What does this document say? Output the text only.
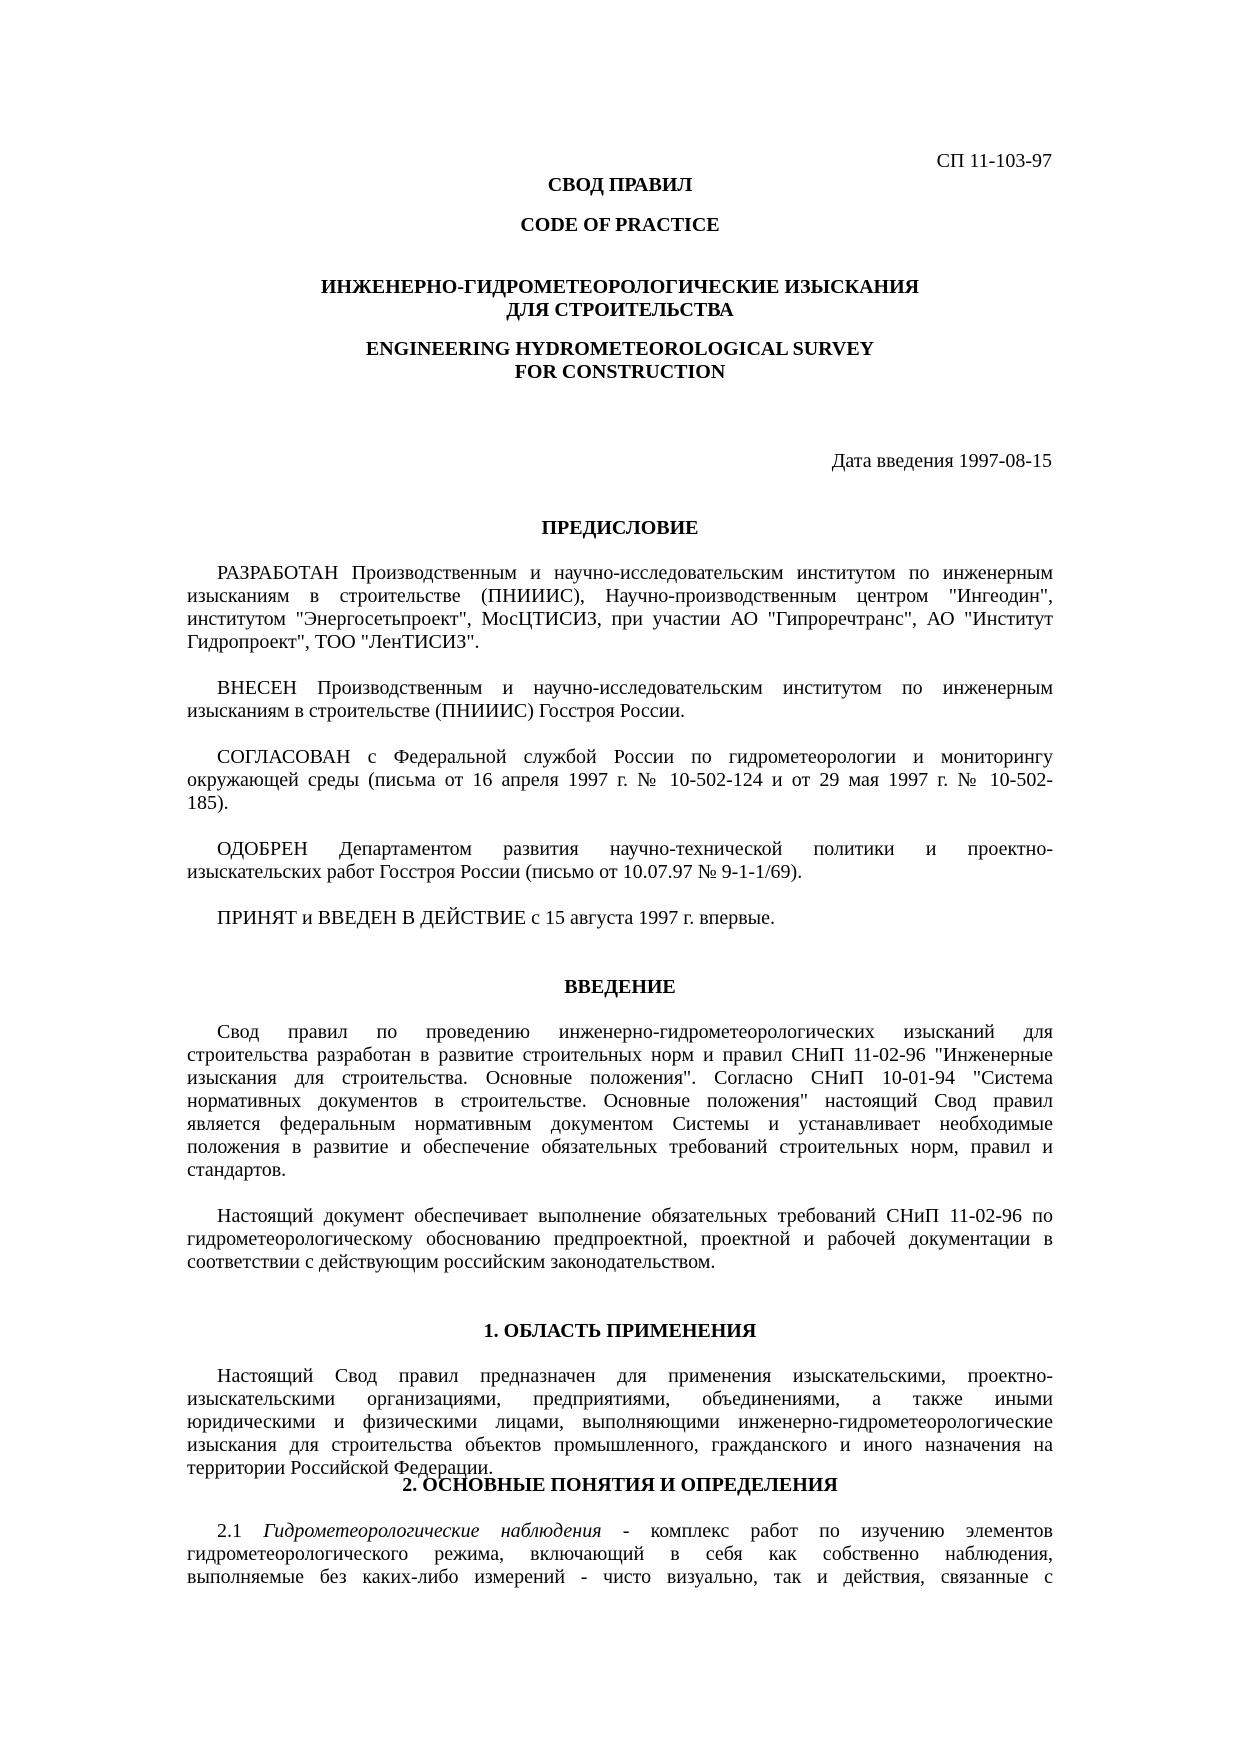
СП 11-103-97

СВОД ПРАВИЛ
CODE OF PRACTICE
ИНЖЕНЕРНО-ГИДРОМЕТЕОРОЛОГИЧЕСКИЕ ИЗЫСКАНИЯ
ДЛЯ СТРОИТЕЛЬСТВА
ENGINEERING HYDROMETEOROLOGICAL SURVEY
FOR CONSTRUCTION

Дата введения 1997-08-15

ПРЕДИСЛОВИЕ
РАЗРАБОТАН Производственным и научно-исследовательским институтом по инженерным
изысканиям в строительстве (ПНИИИС), Научно-производственным центром "Ингеодин",
институтом "Энергосетьпроект", МосЦТИСИЗ, при участии АО "Гипроречтранс", АО "Институт
Гидропроект", ТОО "ЛенТИСИЗ".
ВНЕСЕН Производственным и научно-исследовательским институтом по инженерным
изысканиям в строительстве (ПНИИИС) Госстроя России.
СОГЛАСОВАН с Федеральной службой России по гидрометеорологии и мониторингу
окружающей среды (письма от 16 апреля 1997 г. № 10-502-124 и от 29 мая 1997 г. № 10-502-
185).
ОДОБРЕН Департаментом развития научно-технической политики и проектно-
изыскательских работ Госстроя России (письмо от 10.07.97 № 9-1-1/69).
ПРИНЯТ и ВВЕДЕН В ДЕЙСТВИЕ с 15 августа 1997 г. впервые.
ВВЕДЕНИЕ
Свод правил по проведению инженерно-гидрометеорологических изысканий для
строительства разработан в развитие строительных норм и правил СНиП 11-02-96 "Инженерные
изыскания для строительства. Основные положения". Согласно СНиП 10-01-94 "Система
нормативных документов в строительстве. Основные положения" настоящий Свод правил
является федеральным нормативным документом Системы и устанавливает необходимые
положения в развитие и обеспечение обязательных требований строительных норм, правил и
стандартов.
Настоящий документ обеспечивает выполнение обязательных требований СНиП 11-02-96 по
гидрометеорологическому обоснованию предпроектной, проектной и рабочей документации в
соответствии с действующим российским законодательством.
1. ОБЛАСТЬ ПРИМЕНЕНИЯ
Настоящий Свод правил предназначен для применения изыскательскими, проектно-
изыскательскими организациями, предприятиями, объединениями, а также иными
юридическими и физическими лицами, выполняющими инженерно-гидрометеорологические
изыскания для строительства объектов промышленного, гражданского и иного назначения на
территории Российской Федерации.
2. ОСНОВНЫЕ ПОНЯТИЯ И ОПРЕДЕЛЕНИЯ
2.1 Гидрометеорологические наблюдения - комплекс работ по изучению элементов
гидрометеорологического режима, включающий в себя как собственно наблюдения,
выполняемые без каких-либо измерений - чисто визуально, так и действия, связанные с
